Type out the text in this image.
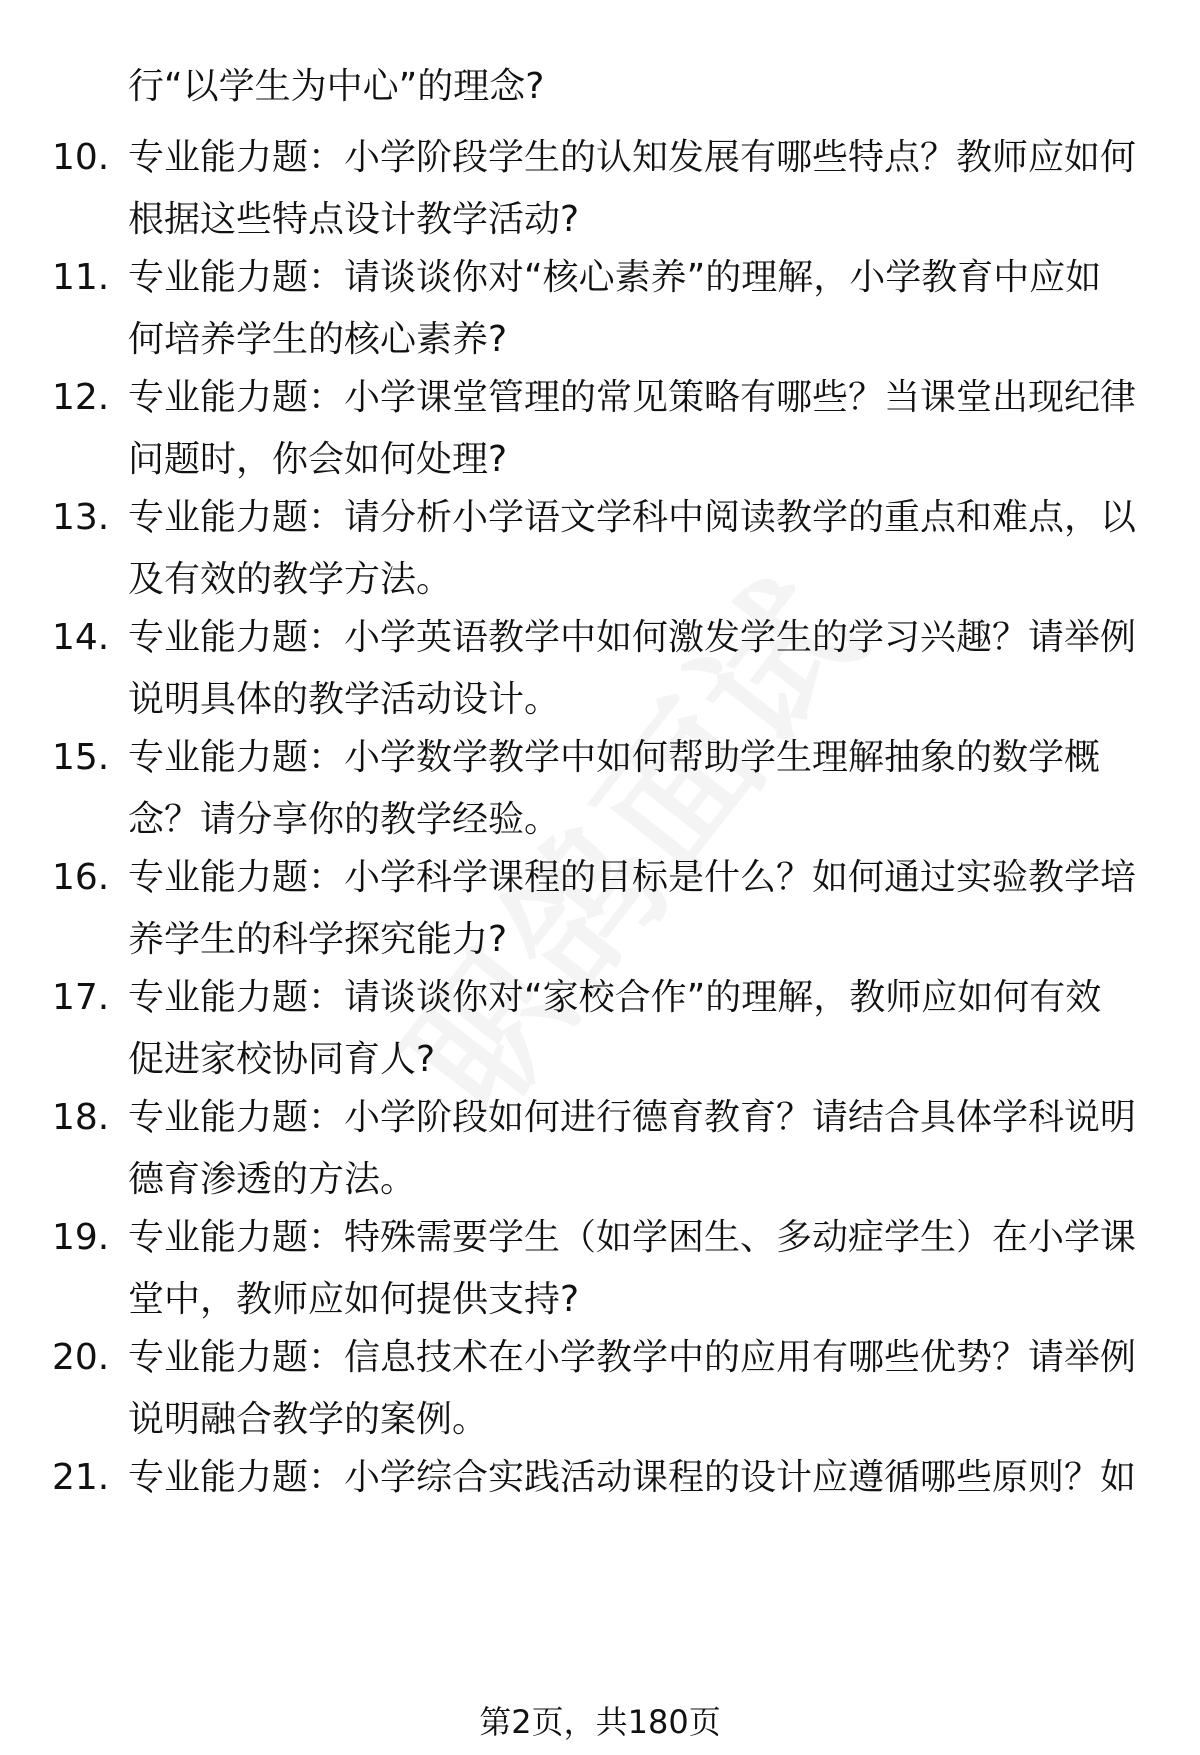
行“以学生为中心”的理念?
10. 专业能力题：小学阶段学生的认知发展有哪些特点？教师应如何
根据这些特点设计教学活动?
11. 专业能力题：请谈谈你对“核心素养”的理解，小学教育中应如
何培养学生的核心素养?
12. 专业能力题：小学课堂管理的常见策略有哪些？当课堂出现纪律
问题时，你会如何处理?
13. 专业能力题：请分析小学语文学科中阅读教学的重点和难点，以
及有效的教学方法。
14. 专业能力题：小学英语教学中如何激发学生的学习兴趣？请举例
说明具体的教学活动设计。
15. 专业能力题：小学数学教学中如何帮助学生理解抽象的数学概
念？请分享你的教学经验。
16. 专业能力题：小学科学课程的目标是什么？如何通过实验教学培
养学生的科学探究能力?
17. 专业能力题：请谈谈你对“家校合作”的理解，教师应如何有效
促进家校协同育人?
18. 专业能力题：小学阶段如何进行德育教育？请结合具体学科说明
德育渗透的方法。
19. 专业能力题：特殊需要学生（如学困生、多动症学生）在小学课
堂中，教师应如何提供支持?
20. 专业能力题：信息技术在小学教学中的应用有哪些优势？请举例
说明融合教学的案例。
21. 专业能力题：小学综合实践活动课程的设计应遵循哪些原则？如
第2页，共180页
